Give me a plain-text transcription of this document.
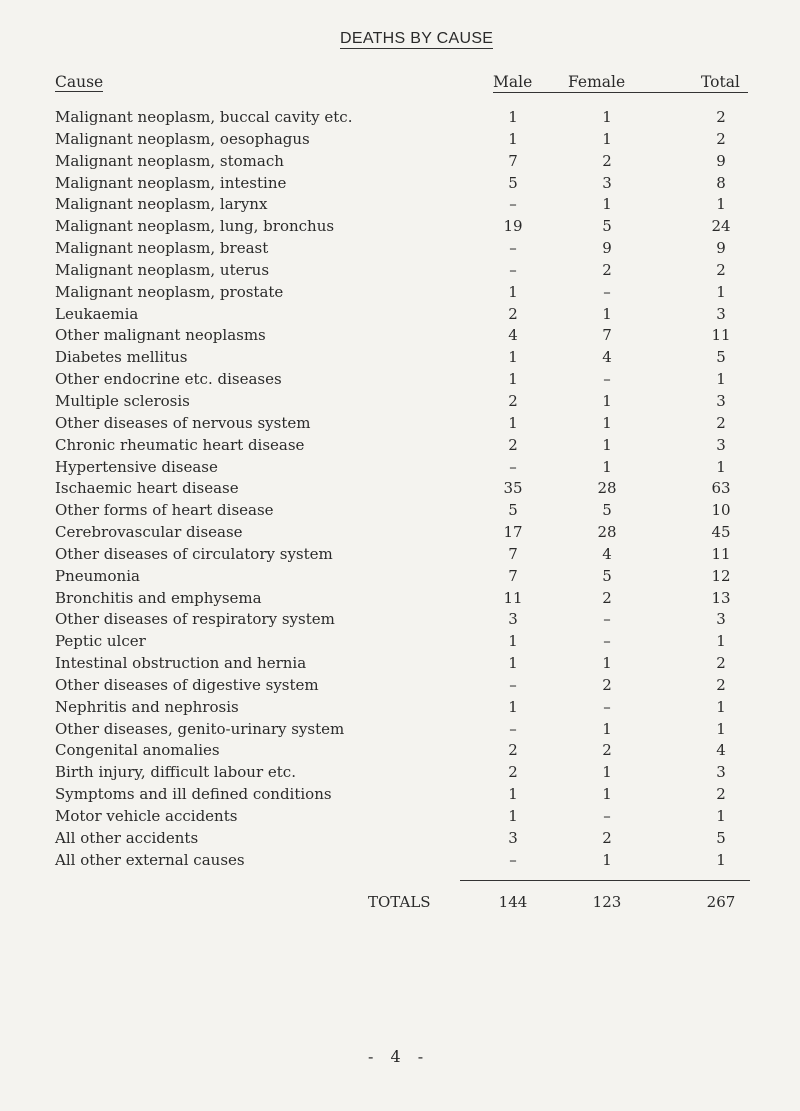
DEATHS BY CAUSE
Cause	Male Female	Total
Malignant neoplasm, buccal cavity etc.	1	1	2
Malignant neoplasm, oesophagus	1	1	2
Malignant neoplasm, stomach	7	2	9
Malignant neoplasm, intestine	5	3	8
Malignant neoplasm, larynx	–	1	1
Malignant neoplasm, lung, bronchus	19	5	24
Malignant neoplasm, breast	–	9	9
Malignant neoplasm, uterus	–	2	2
Malignant neoplasm, prostate	1	–	1
Leukaemia	2	1	3
Other malignant neoplasms	4	7	11
Diabetes mellitus	1	4	5
Other endocrine etc. diseases	1	–	1
Multiple sclerosis	2	1	3
Other diseases of nervous system	1	1	2
Chronic rheumatic heart disease	2	1	3
Hypertensive disease	–	1	1
Ischaemic heart disease	35	28	63
Other forms of heart disease	5	5	10
Cerebrovascular disease	17	28	45
Other diseases of circulatory system	7	4	11
Pneumonia	7	5	12
Bronchitis and emphysema	11	2	13
Other diseases of respiratory system	3	–	3
Peptic ulcer	1	–	1
Intestinal obstruction and hernia	1	1	2
Other diseases of digestive system	–	2	2
Nephritis and nephrosis	1	–	1
Other diseases, genito-urinary system	–	1	1
Congenital anomalies	2	2	4
Birth injury, difficult labour etc.	2	1	3
Symptoms and ill defined conditions	1	1	2
Motor vehicle accidents	1	–	1
All other accidents	3	2	5
All other external causes	–	1	1
TOTALS	144	123	267
- 4 -
